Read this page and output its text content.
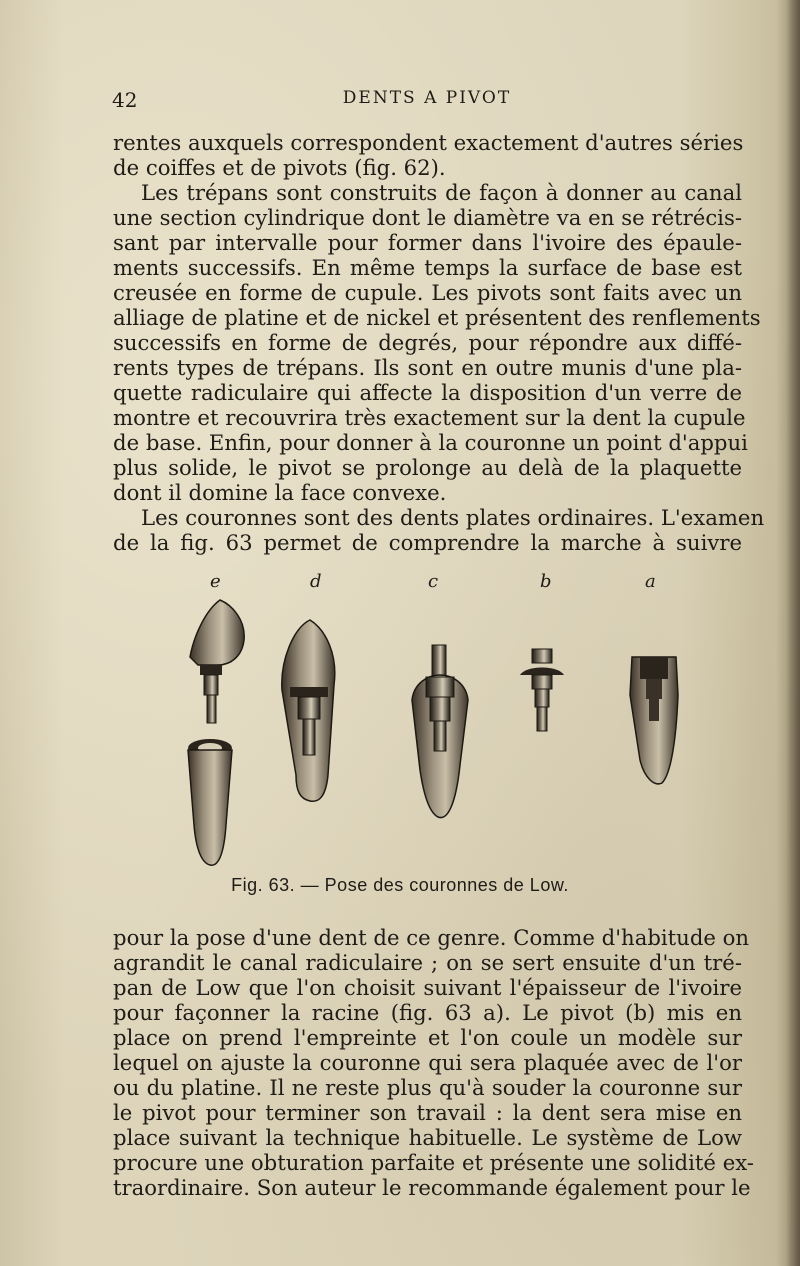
42	DENTS A PIVOT
rentes auxquels correspondent exactement d'autres séries
de coiffes et de pivots (fig. 62).
Les trépans sont construits de façon à donner au canal
une section cylindrique dont le diamètre va en se rétrécis-
sant par intervalle pour former dans l'ivoire des épaule-
ments successifs. En même temps la surface de base est
creusée en forme de cupule. Les pivots sont faits avec un
alliage de platine et de nickel et présentent des renflements
successifs en forme de degrés, pour répondre aux diffé-
rents types de trépans. Ils sont en outre munis d'une pla-
quette radiculaire qui affecte la disposition d'un verre de
montre et recouvrira très exactement sur la dent la cupule
de base. Enfin, pour donner à la couronne un point d'appui
plus solide, le pivot se prolonge au delà de la plaquette
dont il domine la face convexe.
Les couronnes sont des dents plates ordinaires. L'examen
de la fig. 63 permet de comprendre la marche à suivre
e	d	c	b	a
Fig. 63. — Pose des couronnes de Low.
pour la pose d'une dent de ce genre. Comme d'habitude on
agrandit le canal radiculaire ; on se sert ensuite d'un tré-
pan de Low que l'on choisit suivant l'épaisseur de l'ivoire
pour façonner la racine (fig. 63 a). Le pivot (b) mis en
place on prend l'empreinte et l'on coule un modèle sur
lequel on ajuste la couronne qui sera plaquée avec de l'or
ou du platine. Il ne reste plus qu'à souder la couronne sur
le pivot pour terminer son travail : la dent sera mise en
place suivant la technique habituelle. Le système de Low
procure une obturation parfaite et présente une solidité ex-
traordinaire. Son auteur le recommande également pour le
